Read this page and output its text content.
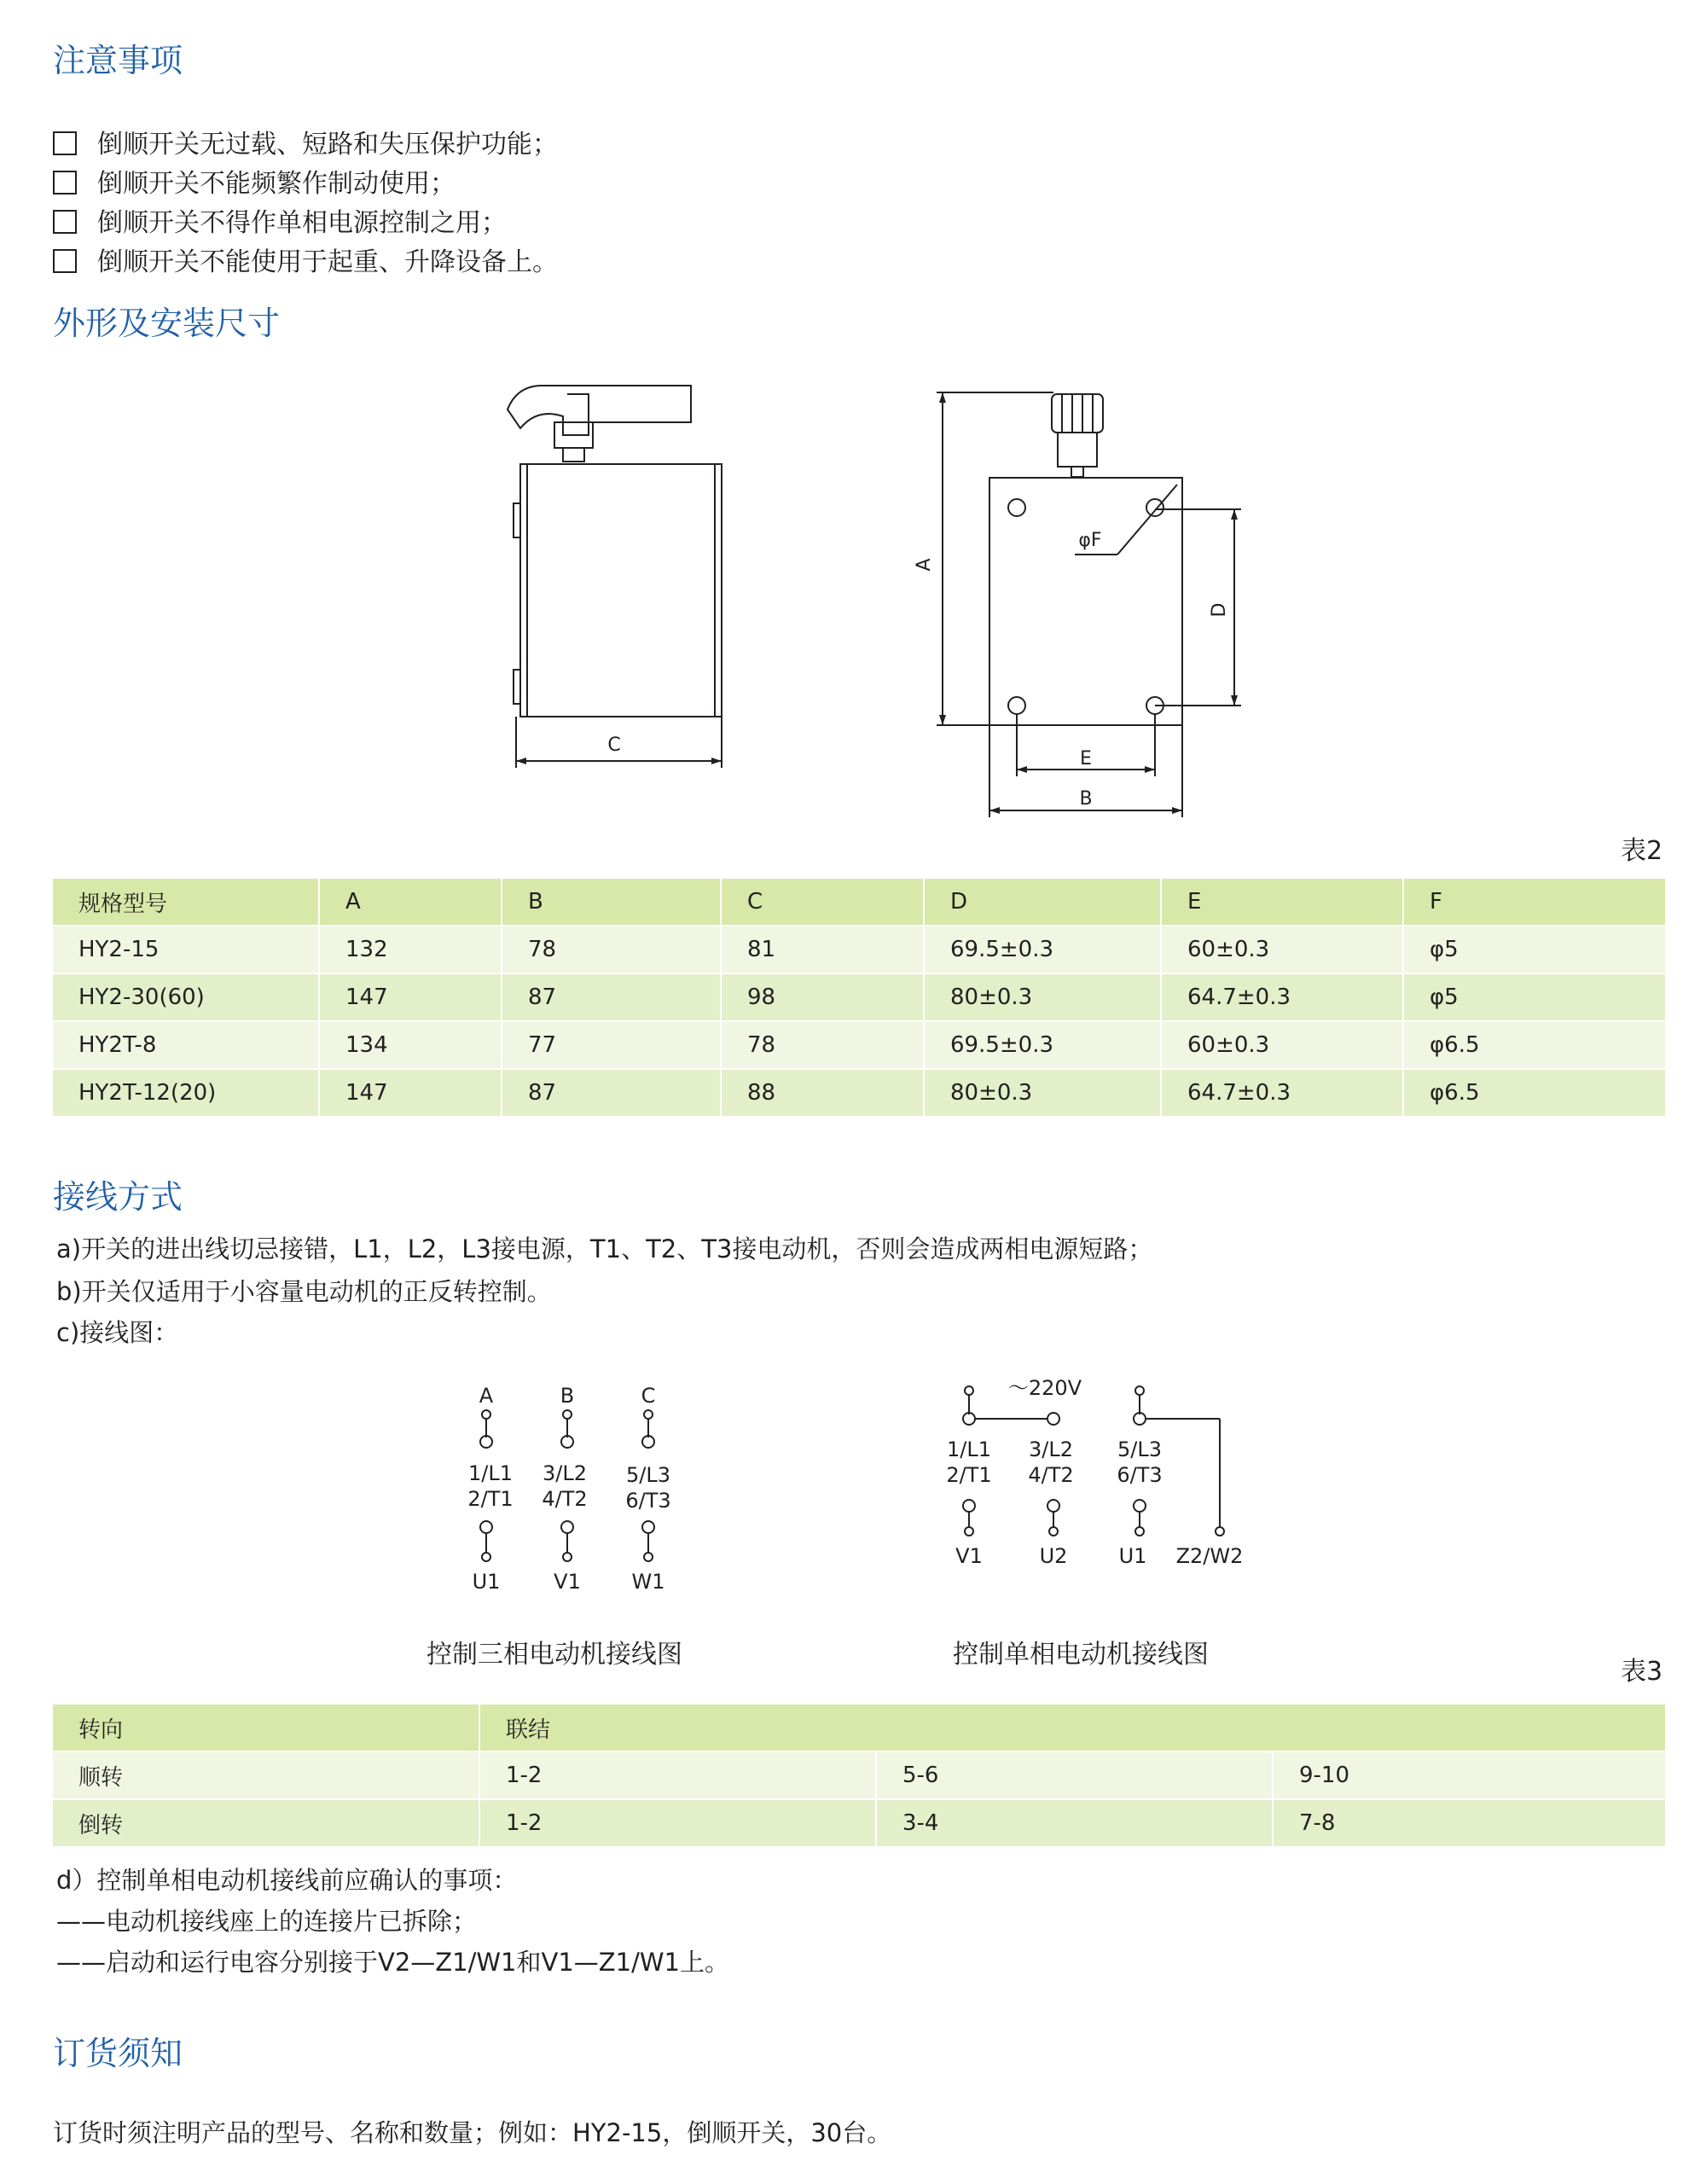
注意事项
倒顺开关无过载、短路和失压保护功能；
倒顺开关不能频繁作制动使用；
倒顺开关不得作单相电源控制之用；
倒顺开关不能使用于起重、升降设备上。
外形及安装尺寸
C
A
D
E
B
φF
表2
规格型号	A	B	C	D	E	F
HY2-15	132	78	81	69.5±0.3	60±0.3	φ5
HY2-30(60)	147	87	98	80±0.3	64.7±0.3	φ5
HY2T-8	134	77	78	69.5±0.3	60±0.3	φ6.5
HY2T-12(20)	147	87	88	80±0.3	64.7±0.3	φ6.5
接线方式
a)开关的进出线切忌接错，L1，L2，L3接电源，T1、T2、T3接电动机，否则会造成两相电源短路；
b)开关仅适用于小容量电动机的正反转控制。
c)接线图：
A	B	C
1/L1 3/L2 5/L3
2/T1 4/T2 6/T3
U1	V1 W1
～220V
1/L1 3/L2 5/L3
2/T1 4/T2 6/T3
V1	U2	U1 Z2/W2
控制三相电动机接线图	控制单相电动机接线图
表3
转向	联结		
顺转	1-2	5-6	9-10
倒转	1-2	3-4	7-8
d）控制单相电动机接线前应确认的事项：
——电动机接线座上的连接片已拆除；
——启动和运行电容分别接于V2—Z1/W1和V1—Z1/W1上。
订货须知
订货时须注明产品的型号、名称和数量；例如：HY2-15，倒顺开关，30台。
